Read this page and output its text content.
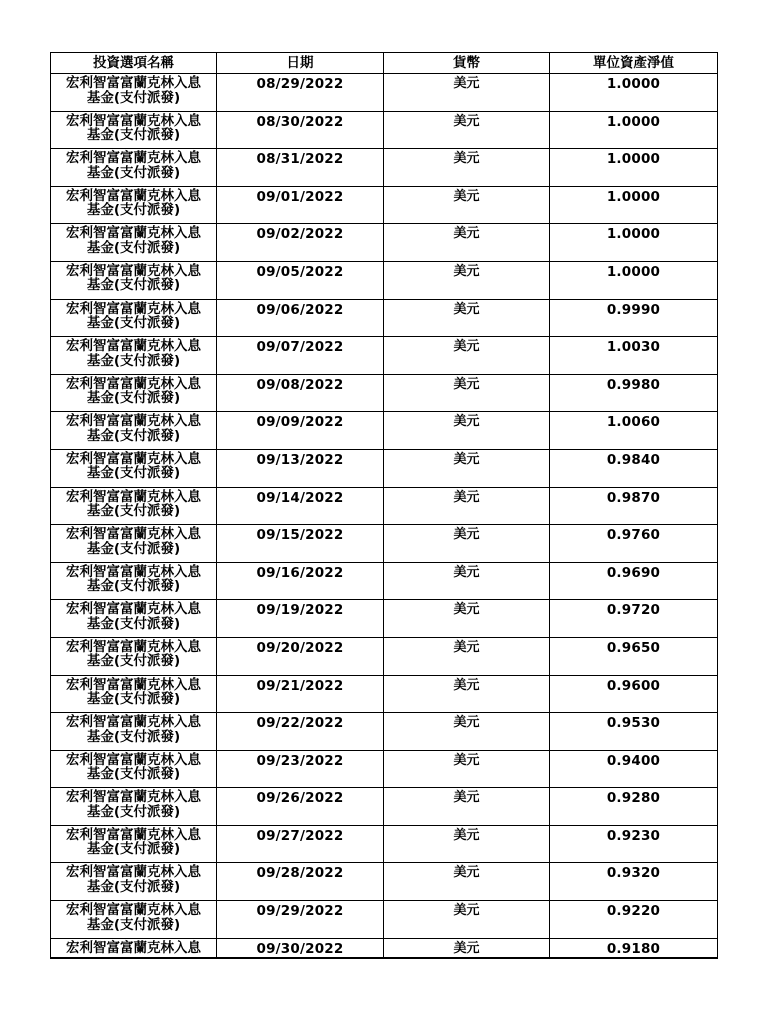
投資選項名稱	日期	貨幣	單位資產淨值

宏利智富富蘭克林入息
基金(支付派發)	08/29/2022	美元	1.0000

宏利智富富蘭克林入息
基金(支付派發)	08/30/2022	美元	1.0000

宏利智富富蘭克林入息
基金(支付派發)	08/31/2022	美元	1.0000

宏利智富富蘭克林入息
基金(支付派發)	09/01/2022	美元	1.0000

宏利智富富蘭克林入息
基金(支付派發)	09/02/2022	美元	1.0000

宏利智富富蘭克林入息
基金(支付派發)	09/05/2022	美元	1.0000

宏利智富富蘭克林入息
基金(支付派發)	09/06/2022	美元	0.9990

宏利智富富蘭克林入息
基金(支付派發)	09/07/2022	美元	1.0030

宏利智富富蘭克林入息
基金(支付派發)	09/08/2022	美元	0.9980

宏利智富富蘭克林入息
基金(支付派發)	09/09/2022	美元	1.0060

宏利智富富蘭克林入息
基金(支付派發)	09/13/2022	美元	0.9840

宏利智富富蘭克林入息
基金(支付派發)	09/14/2022	美元	0.9870

宏利智富富蘭克林入息
基金(支付派發)	09/15/2022	美元	0.9760

宏利智富富蘭克林入息
基金(支付派發)	09/16/2022	美元	0.9690

宏利智富富蘭克林入息
基金(支付派發)	09/19/2022	美元	0.9720

宏利智富富蘭克林入息
基金(支付派發)	09/20/2022	美元	0.9650

宏利智富富蘭克林入息
基金(支付派發)	09/21/2022	美元	0.9600

宏利智富富蘭克林入息
基金(支付派發)	09/22/2022	美元	0.9530

宏利智富富蘭克林入息
基金(支付派發)	09/23/2022	美元	0.9400

宏利智富富蘭克林入息
基金(支付派發)	09/26/2022	美元	0.9280

宏利智富富蘭克林入息
基金(支付派發)	09/27/2022	美元	0.9230

宏利智富富蘭克林入息
基金(支付派發)	09/28/2022	美元	0.9320

宏利智富富蘭克林入息
基金(支付派發)	09/29/2022	美元	0.9220

宏利智富富蘭克林入息	09/30/2022	美元	0.9180
